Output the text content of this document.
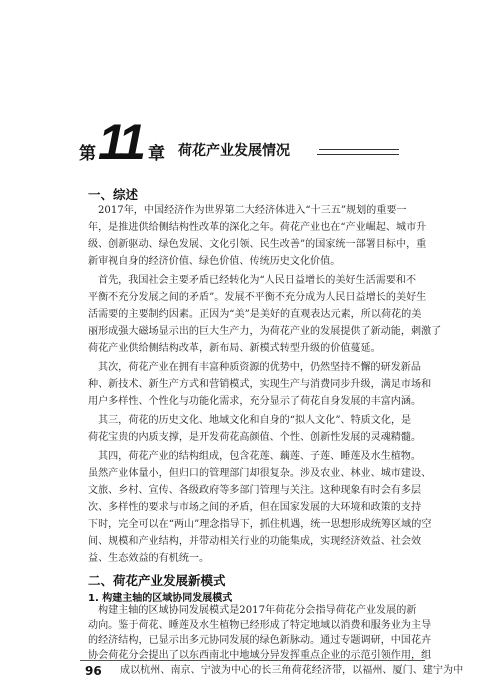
第 11 章 荷花产业发展情况
一、综述
2017年，中国经济作为世界第二大经济体进入“十三五”规划的重要一
年，是推进供给侧结构性改革的深化之年。荷花产业也在“产业崛起、城市升
级、创新驱动、绿色发展、文化引领、民生改善”的国家统一部署目标中，重
新审视自身的经济价值、绿色价值、传统历史文化价值。
首先，我国社会主要矛盾已经转化为“人民日益增长的美好生活需要和不
平衡不充分发展之间的矛盾”。发展不平衡不充分成为人民日益增长的美好生
活需要的主要制约因素。正因为“美”是美好的直观表达元素，所以荷花的美
丽形成强大磁场显示出的巨大生产力，为荷花产业的发展提供了新动能，刺激了
荷花产业供给侧结构改革，新布局、新模式转型升级的价值蔓延。
其次，荷花产业在拥有丰富种质资源的优势中，仍然坚持不懈的研发新品
种、新技术、新生产方式和营销模式，实现生产与消费同步升级，满足市场和
用户多样性、个性化与功能化需求，充分显示了荷花自身发展的丰富内涵。
其三，荷花的历史文化、地域文化和自身的“拟人文化”、特质文化，是
荷花宝贵的内质支撑，是开发荷花高颜值、个性、创新性发展的灵魂精髓。
其四，荷花产业的结构组成，包含花莲、藕莲、子莲、睡莲及水生植物。
虽然产业体量小，但归口的管理部门却很复杂。涉及农业、林业、城市建设、
文旅、乡村、宣传、各级政府等多部门管理与关注。这种现象有时会有多层
次、多样性的要求与市场之间的矛盾，但在国家发展的大环境和政策的支持
下时，完全可以在“两山”理念指导下，抓住机遇，统一思想形成统筹区域的空
间、规模和产业结构，并带动相关行业的功能集成，实现经济效益、社会效
益、生态效益的有机统一。
二、荷花产业发展新模式
1. 构建主轴的区域协同发展模式
构建主轴的区域协同发展模式是2017年荷花分会指导荷花产业发展的新
动向。鉴于荷花、睡莲及水生植物已经形成了特定地域以消费和服务业为主导
的经济结构，已显示出多元协同发展的绿色新脉动。通过专题调研，中国花卉
协会荷花分会提出了以东西南北中地域分异发挥重点企业的示范引领作用，组
成以杭州、南京、宁波为中心的长三角荷花经济带，以福州、厦门、建宁为中
96
